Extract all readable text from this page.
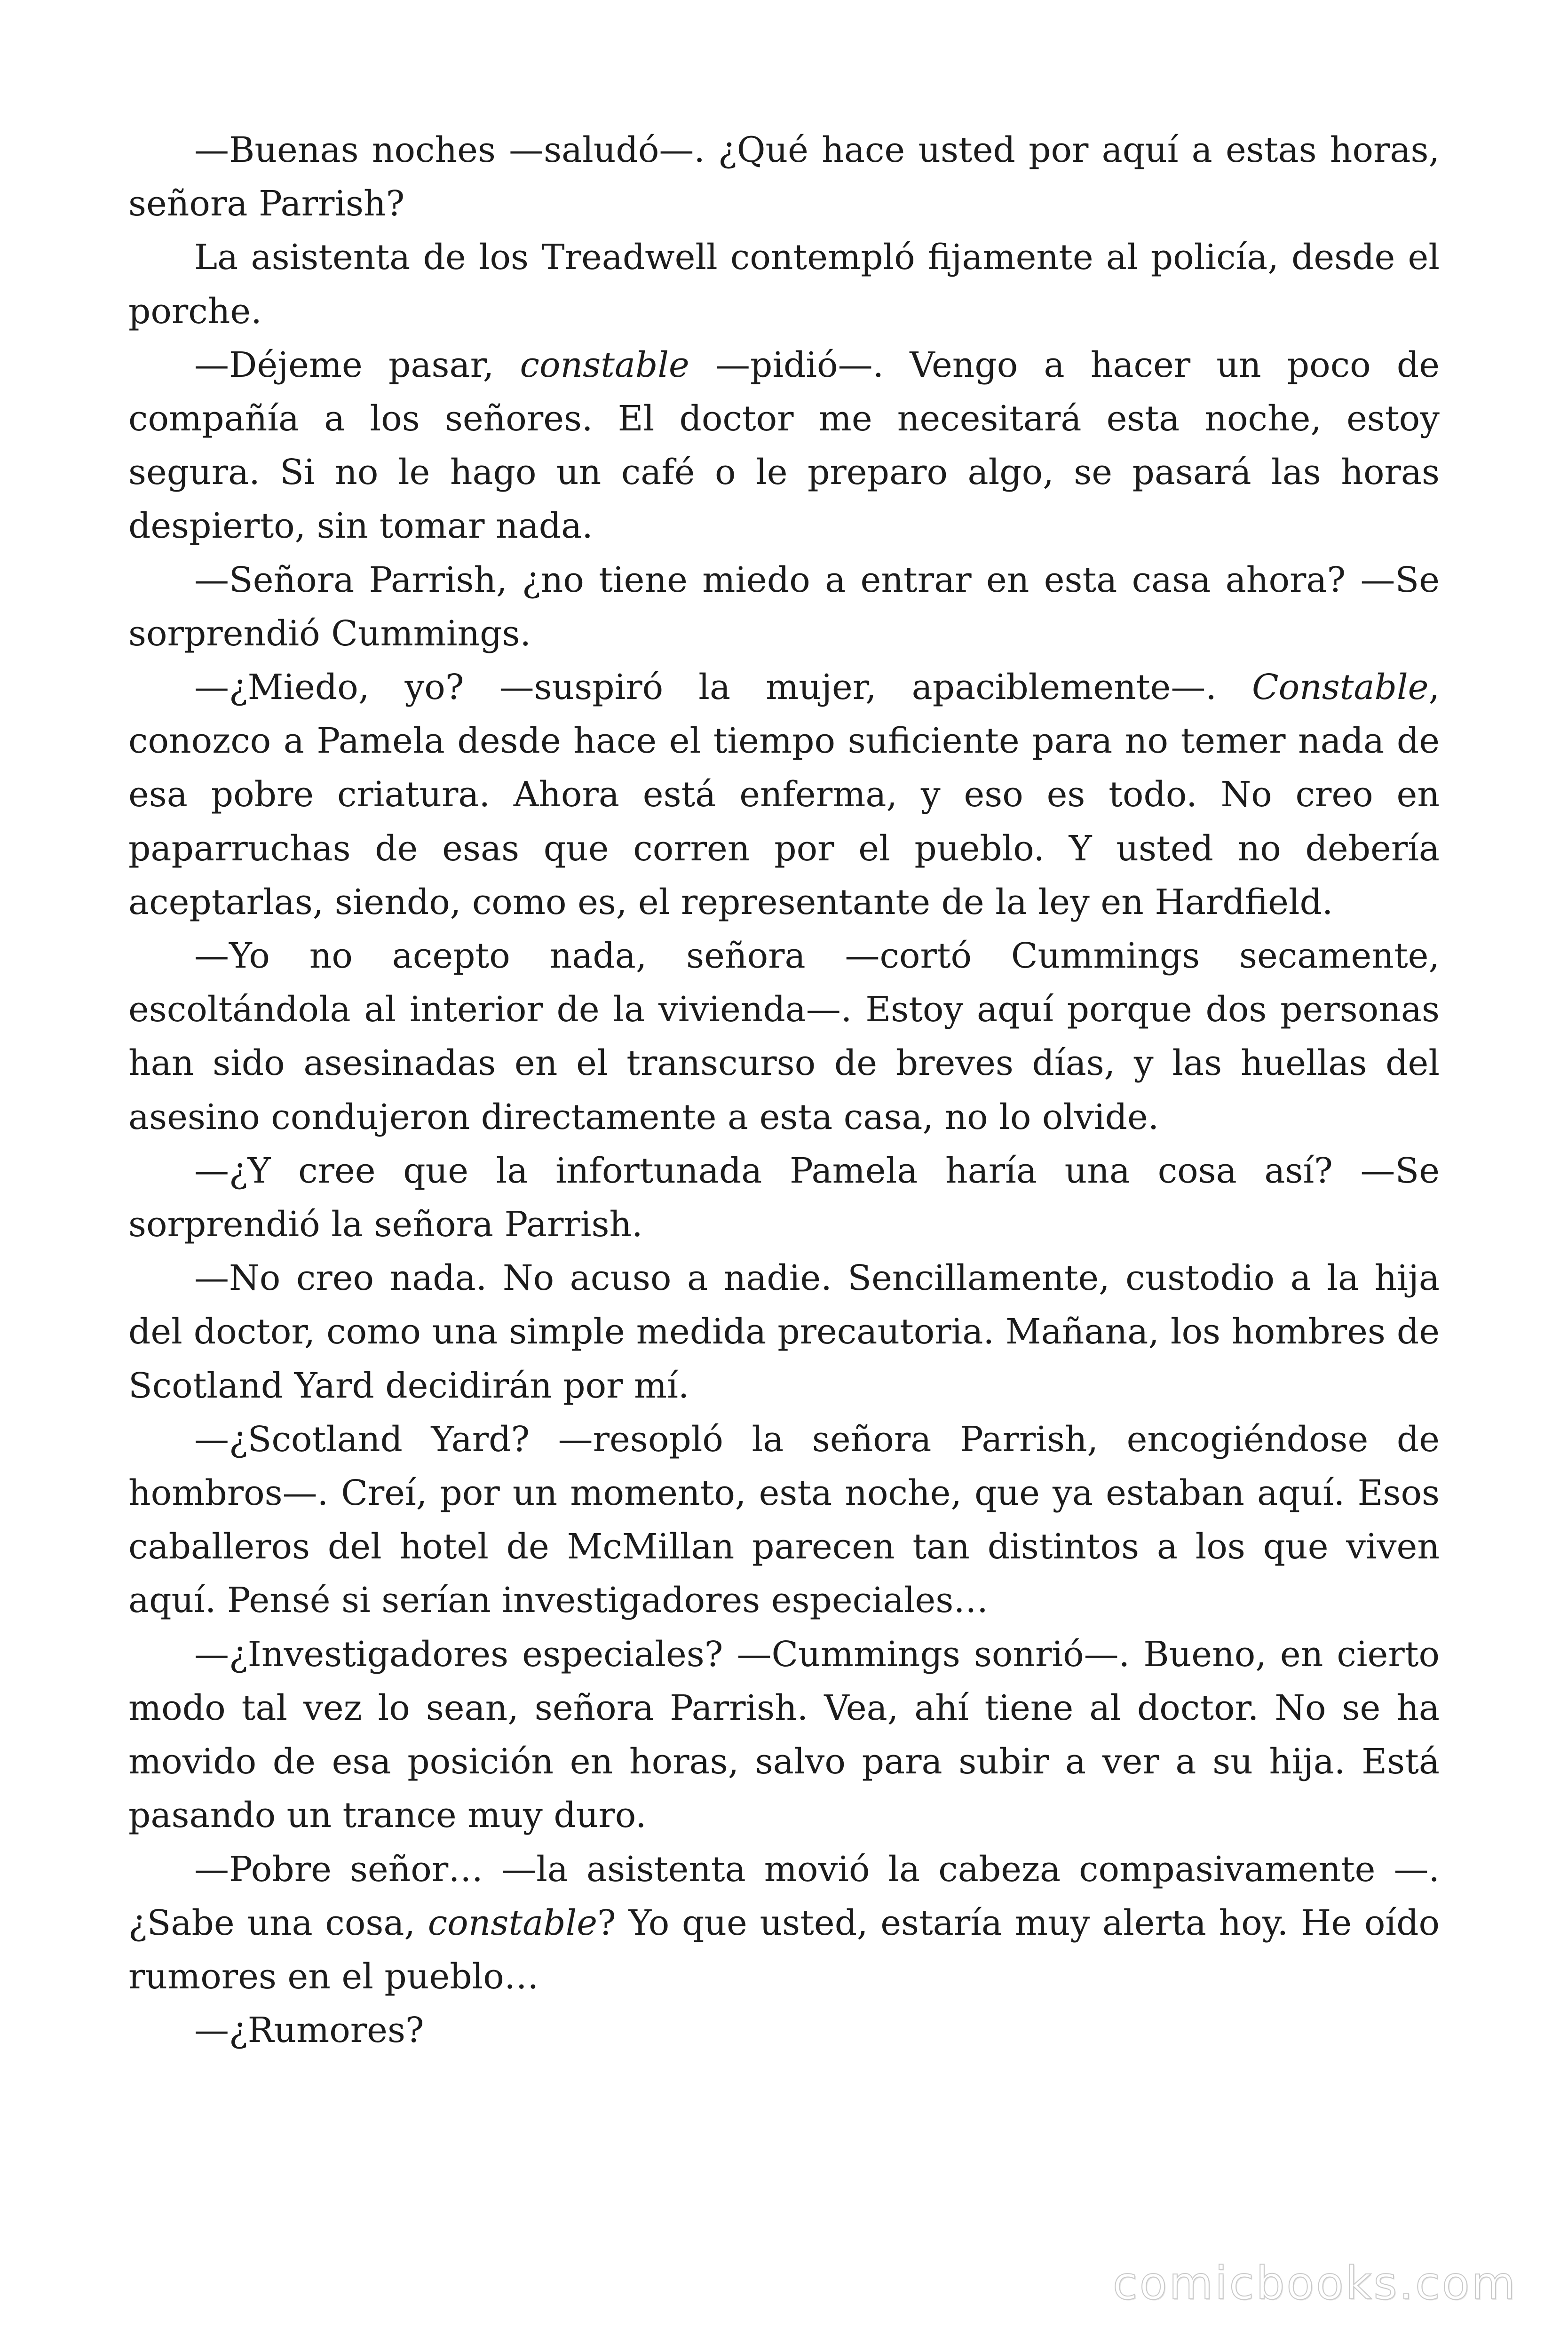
—Buenas noches —saludó—. ¿Qué hace usted por aquí a estas horas, señora Parrish?

La asistenta de los Treadwell contempló fijamente al policía, desde el porche.

—Déjeme pasar, constable —pidió—. Vengo a hacer un poco de compañía a los señores. El doctor me necesitará esta noche, estoy segura. Si no le hago un café o le preparo algo, se pasará las horas despierto, sin tomar nada.

—Señora Parrish, ¿no tiene miedo a entrar en esta casa ahora? —Se sorprendió Cummings.

—¿Miedo, yo? —suspiró la mujer, apaciblemente—. Constable, conozco a Pamela desde hace el tiempo suficiente para no temer nada de esa pobre criatura. Ahora está enferma, y eso es todo. No creo en paparruchas de esas que corren por el pueblo. Y usted no debería aceptarlas, siendo, como es, el representante de la ley en Hardfield.

—Yo no acepto nada, señora —cortó Cummings secamente, escoltándola al interior de la vivienda—. Estoy aquí porque dos personas han sido asesinadas en el transcurso de breves días, y las huellas del asesino condujeron directamente a esta casa, no lo olvide.

—¿Y cree que la infortunada Pamela haría una cosa así? —Se sorprendió la señora Parrish.

—No creo nada. No acuso a nadie. Sencillamente, custodio a la hija del doctor, como una simple medida precautoria. Mañana, los hombres de Scotland Yard decidirán por mí.

—¿Scotland Yard? —resopló la señora Parrish, encogiéndose de hombros—. Creí, por un momento, esta noche, que ya estaban aquí. Esos caballeros del hotel de McMillan parecen tan distintos a los que viven aquí. Pensé si serían investigadores especiales…

—¿Investigadores especiales? —Cummings sonrió—. Bueno, en cierto modo tal vez lo sean, señora Parrish. Vea, ahí tiene al doctor. No se ha movido de esa posición en horas, salvo para subir a ver a su hija. Está pasando un trance muy duro.

—Pobre señor… —la asistenta movió la cabeza compasivamente —. ¿Sabe una cosa, constable? Yo que usted, estaría muy alerta hoy. He oído rumores en el pueblo…

—¿Rumores?

comicbooks.com
